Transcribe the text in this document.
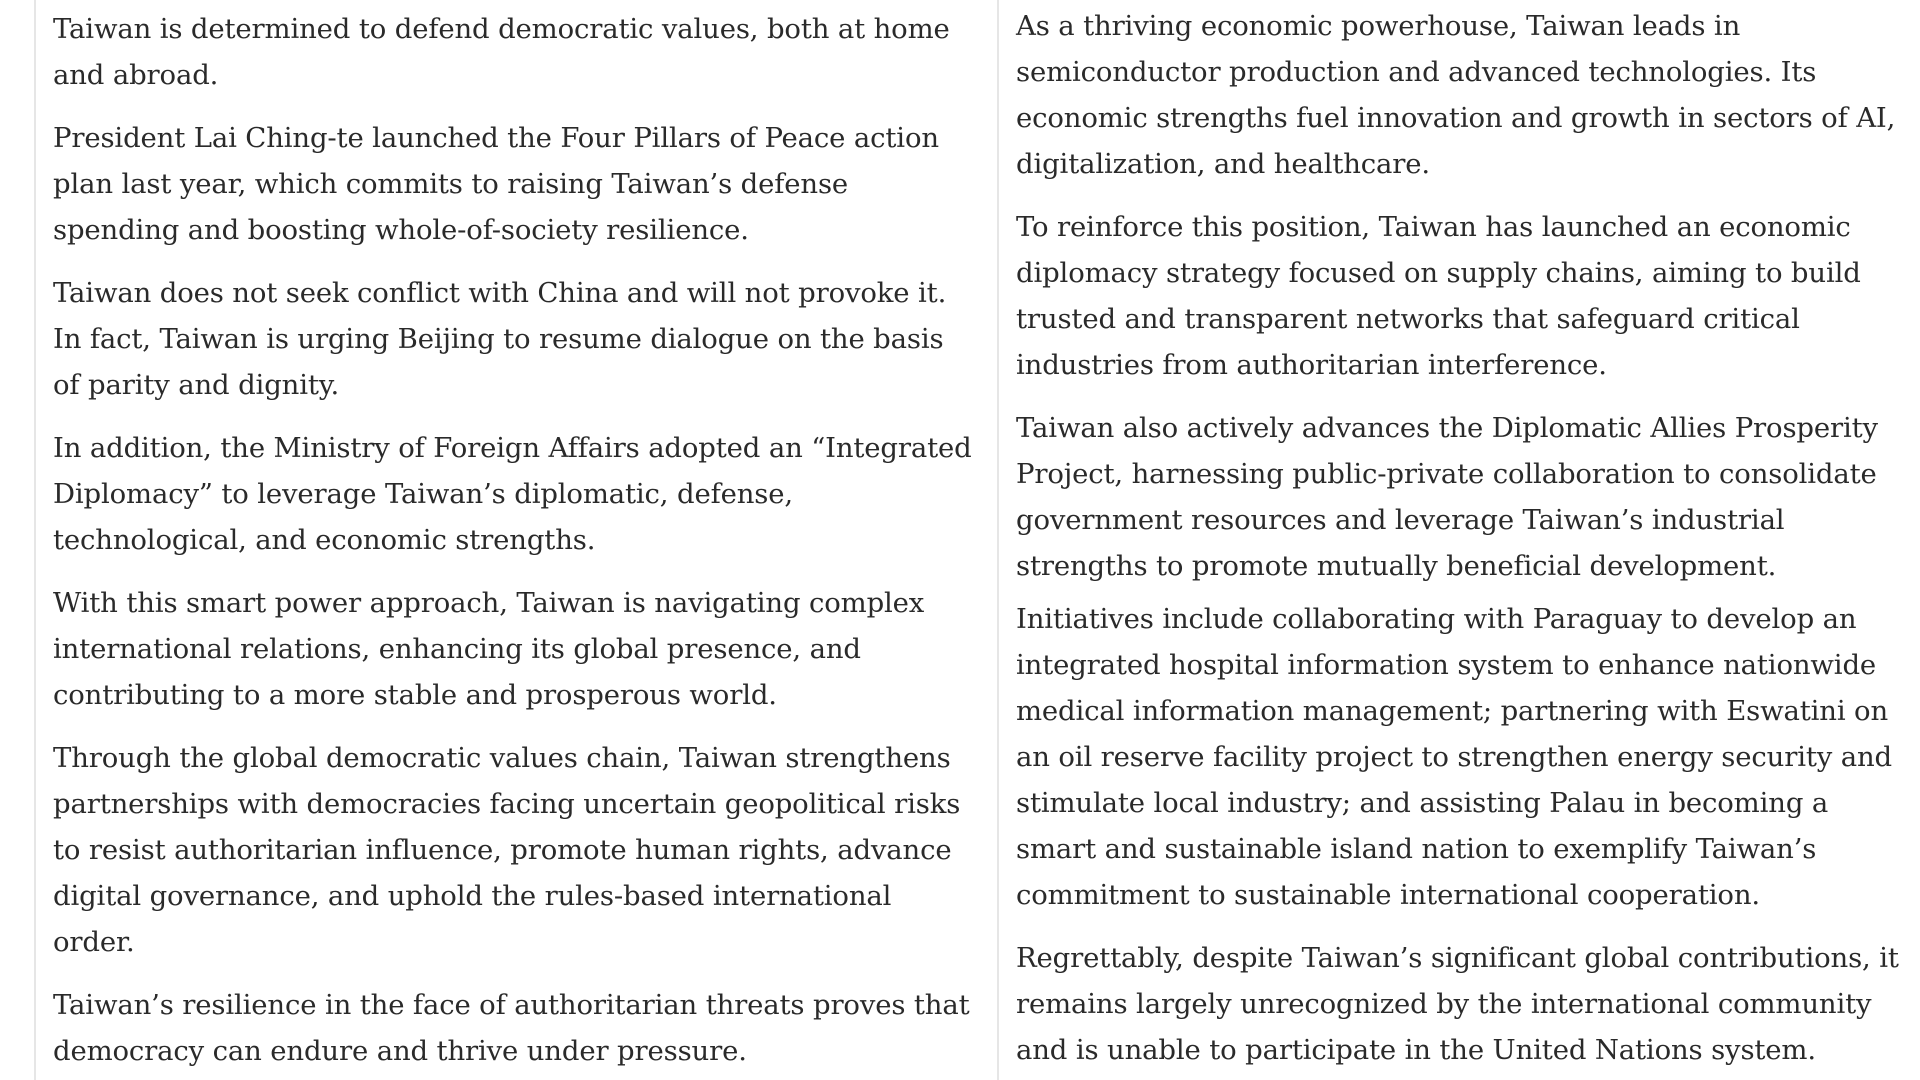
Taiwan is determined to defend democratic values, both at home and abroad.

President Lai Ching-te launched the Four Pillars of Peace action plan last year, which commits to raising Taiwan’s defense spending and boosting whole-of-society resilience.

Taiwan does not seek conflict with China and will not provoke it. In fact, Taiwan is urging Beijing to resume dialogue on the basis of parity and dignity.

In addition, the Ministry of Foreign Affairs adopted an “Integrated Diplomacy” to leverage Taiwan’s diplomatic, defense, technological, and economic strengths.

With this smart power approach, Taiwan is navigating complex international relations, enhancing its global presence, and contributing to a more stable and prosperous world.

Through the global democratic values chain, Taiwan strengthens partnerships with democracies facing uncertain geopolitical risks to resist authoritarian influence, promote human rights, advance digital governance, and uphold the rules-based international order.

Taiwan’s resilience in the face of authoritarian threats proves that democracy can endure and thrive under pressure.

As a thriving economic powerhouse, Taiwan leads in semiconductor production and advanced technologies. Its economic strengths fuel innovation and growth in sectors of AI, digitalization, and healthcare.

To reinforce this position, Taiwan has launched an economic diplomacy strategy focused on supply chains, aiming to build trusted and transparent networks that safeguard critical industries from authoritarian interference.

Taiwan also actively advances the Diplomatic Allies Prosperity Project, harnessing public-private collaboration to consolidate government resources and leverage Taiwan’s industrial strengths to promote mutually beneficial development.

Initiatives include collaborating with Paraguay to develop an integrated hospital information system to enhance nationwide medical information management; partnering with Eswatini on an oil reserve facility project to strengthen energy security and stimulate local industry; and assisting Palau in becoming a smart and sustainable island nation to exemplify Taiwan’s commitment to sustainable international cooperation.

Regrettably, despite Taiwan’s significant global contributions, it remains largely unrecognized by the international community and is unable to participate in the United Nations system.
